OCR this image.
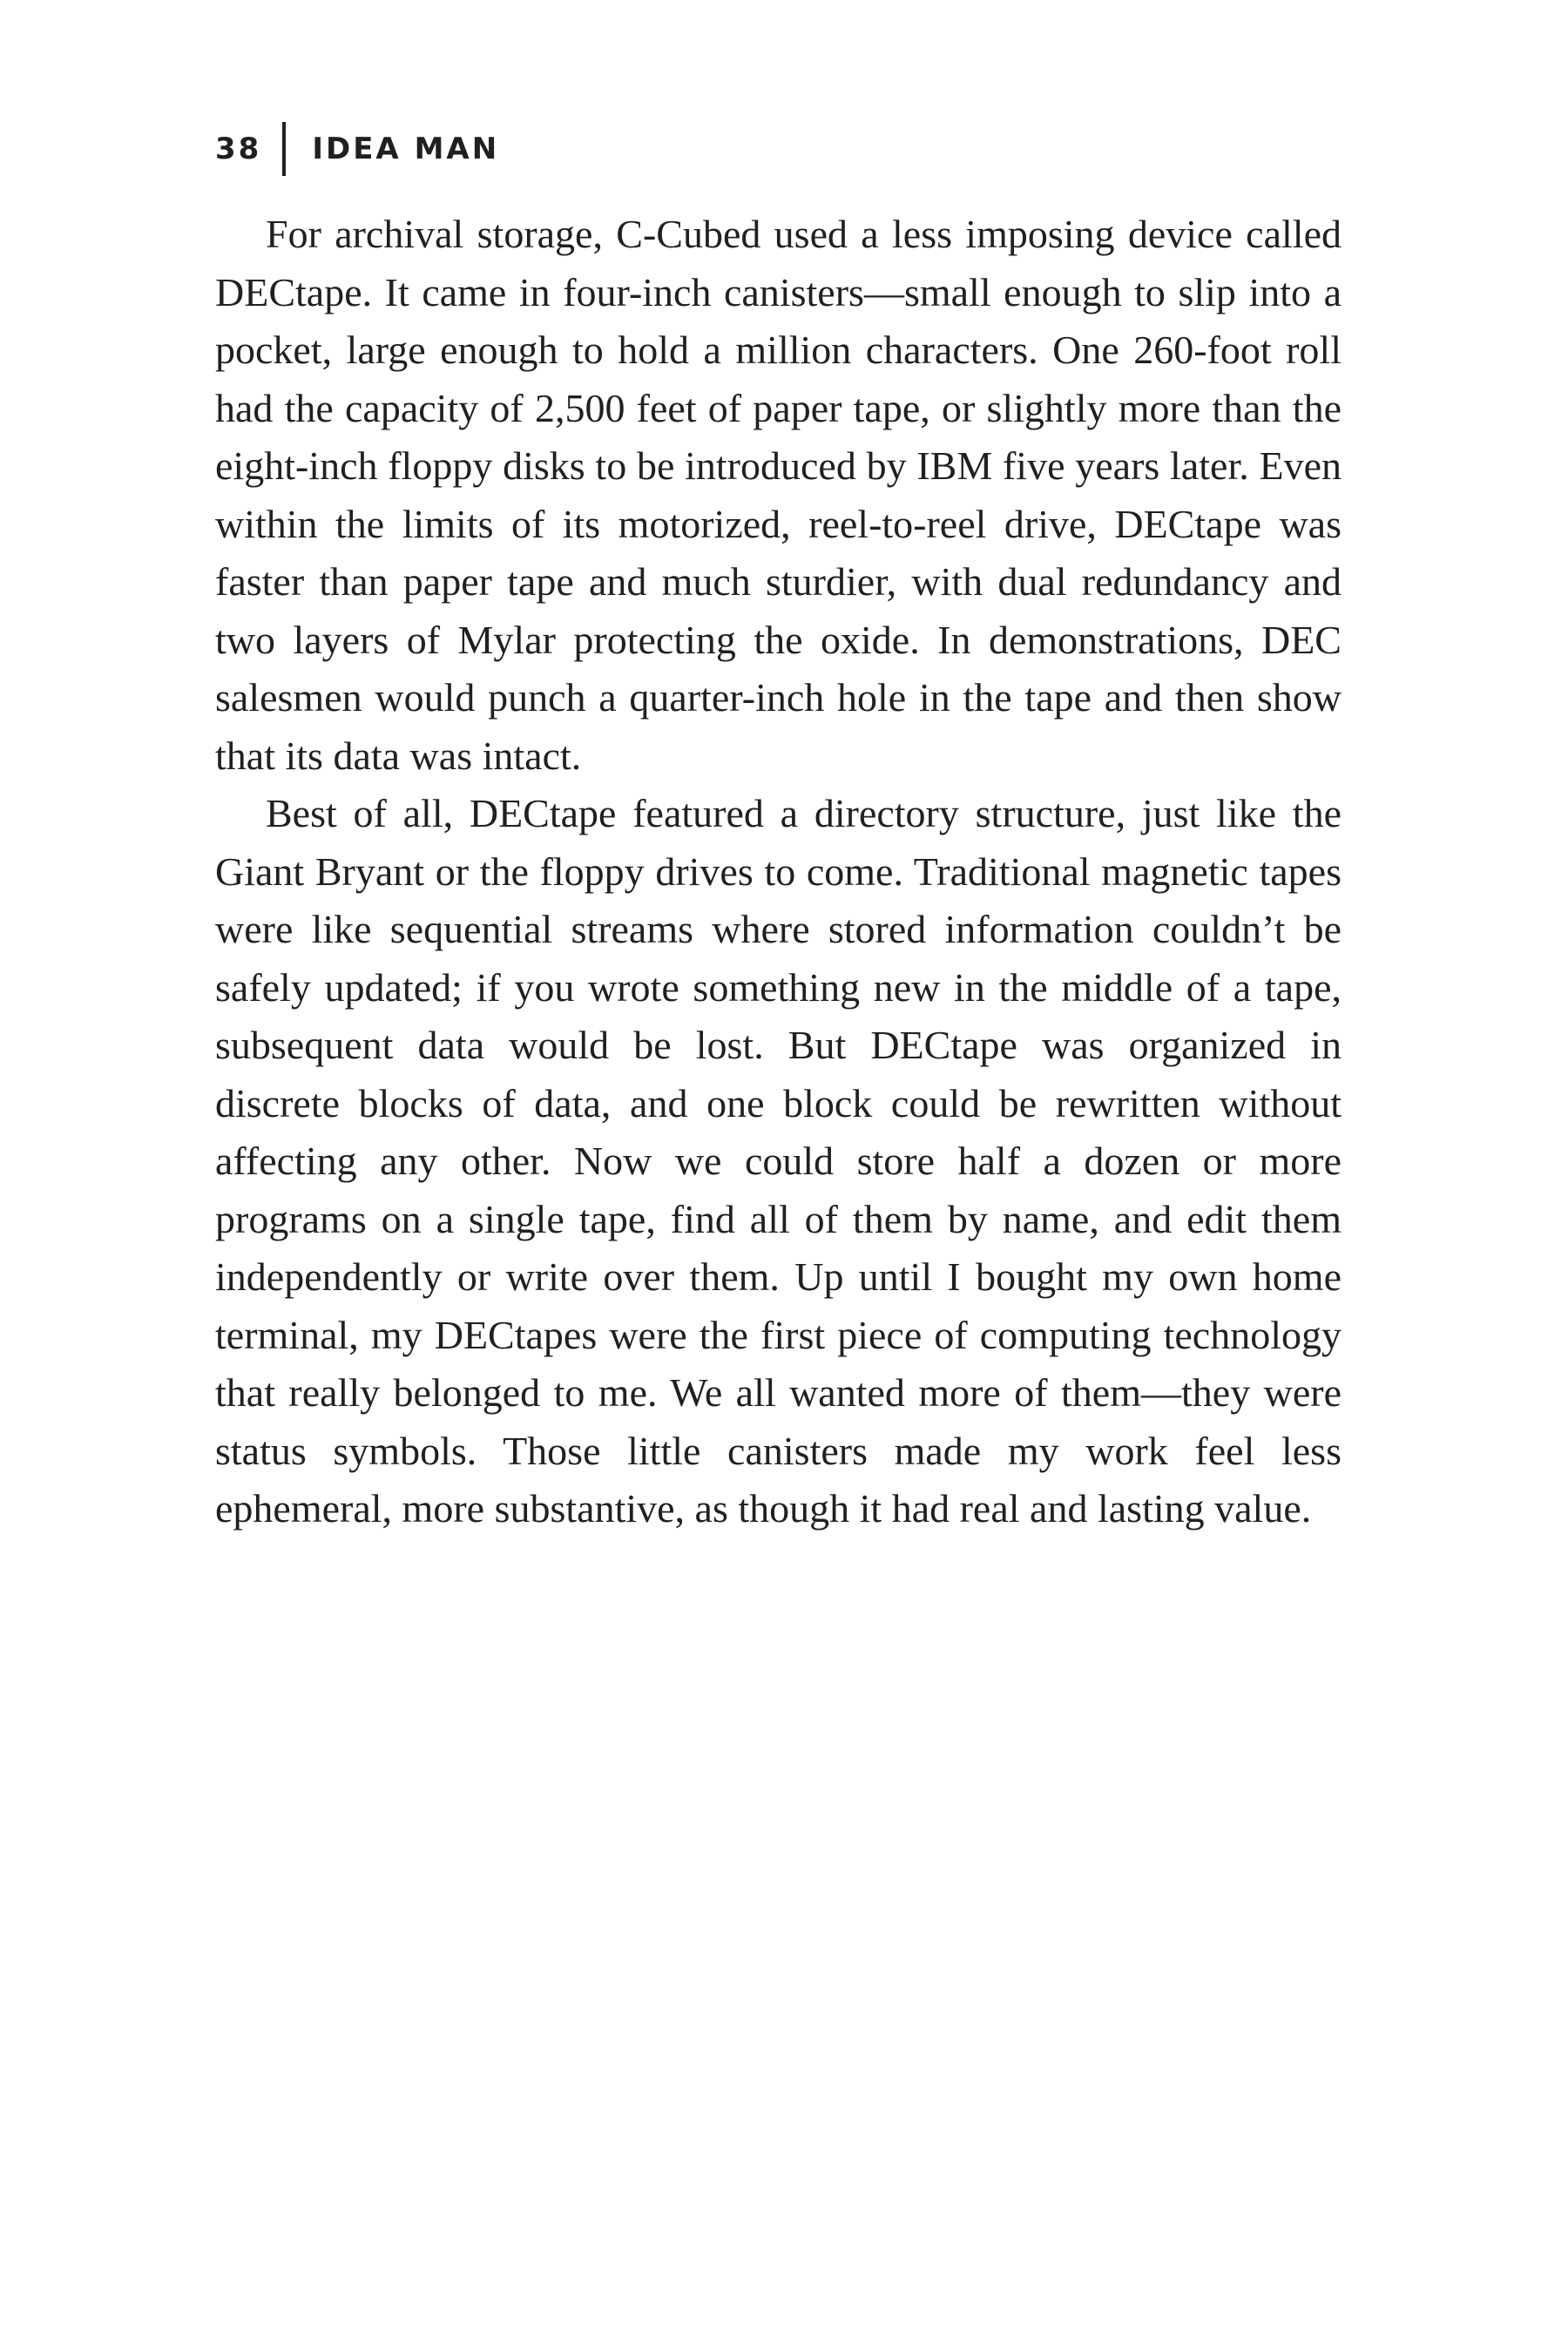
38 IDEA MAN

For archival storage, C-Cubed used a less imposing device called DECtape. It came in four-inch canisters—small enough to slip into a pocket, large enough to hold a million characters. One 260-foot roll had the capacity of 2,500 feet of paper tape, or slightly more than the eight-inch floppy disks to be introduced by IBM five years later. Even within the limits of its motorized, reel-to-reel drive, DECtape was faster than paper tape and much sturdier, with dual redundancy and two layers of Mylar protecting the oxide. In demonstrations, DEC salesmen would punch a quarter-inch hole in the tape and then show that its data was intact.

Best of all, DECtape featured a directory structure, just like the Giant Bryant or the floppy drives to come. Traditional magnetic tapes were like sequential streams where stored information couldn’t be safely updated; if you wrote something new in the middle of a tape, subsequent data would be lost. But DECtape was organized in discrete blocks of data, and one block could be rewritten without affecting any other. Now we could store half a dozen or more programs on a single tape, find all of them by name, and edit them independently or write over them. Up until I bought my own home terminal, my DECtapes were the first piece of computing technology that really belonged to me. We all wanted more of them—they were status symbols. Those little canisters made my work feel less ephemeral, more substantive, as though it had real and lasting value.
